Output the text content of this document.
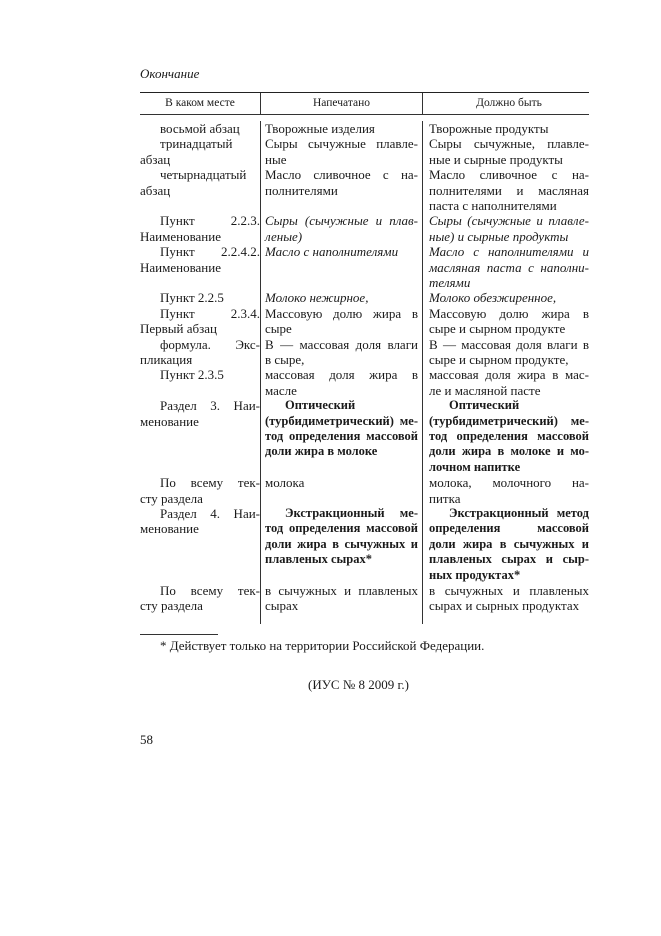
Окончание
В каком месте	Напечатано	Должно быть
восьмой абзац
тринадцатый
абзац
четырнадцатый
абзац
Пункт 2.2.3.
Наименование
Пункт 2.2.4.2.
Наименование
Пункт 2.2.5
Пункт 2.3.4.
Первый абзац
формула. Экс-
пликация
Пункт 2.3.5
Раздел 3. Наи-
менование
По всему тек-
сту раздела
Раздел 4. Наи-
менование
По всему тек-
сту раздела
Творожные изделия
Сыры сычужные плавле-
ные
Масло сливочное с на-
полнителями
Сыры (сычужные и плав-
леные)
Масло с наполнителями
Молоко нежирное,
Массовую долю жира в
сыре
В — массовая доля влаги
в сыре,
массовая доля жира в
масле
Оптический
(турбидиметрический) ме-
тод определения массовой
доли жира в молоке
молока
Экстракционный ме-
тод определения массовой
доли жира в сычужных и
плавленых сырах*
в сычужных и плавленых
сырах
Творожные продукты
Сыры сычужные, плавле-
ные и сырные продукты
Масло сливочное с на-
полнителями и масляная
паста с наполнителями
Сыры (сычужные и плавле-
ные) и сырные продукты
Масло с наполнителями и
масляная паста с наполни-
телями
Молоко обезжиренное,
Массовую долю жира в
сыре и сырном продукте
В — массовая доля влаги в
сыре и сырном продукте,
массовая доля жира в мас-
ле и масляной пасте
Оптический
(турбидиметрический) ме-
тод определения массовой
доли жира в молоке и мо-
лочном напитке
молока, молочного на-
питка
Экстракционный метод
определения массовой
доли жира в сычужных и
плавленых сырах и сыр-
ных продуктах*
в сычужных и плавленых
сырах и сырных продуктах
* Действует только на территории Российской Федерации.
(ИУС № 8 2009 г.)
58
